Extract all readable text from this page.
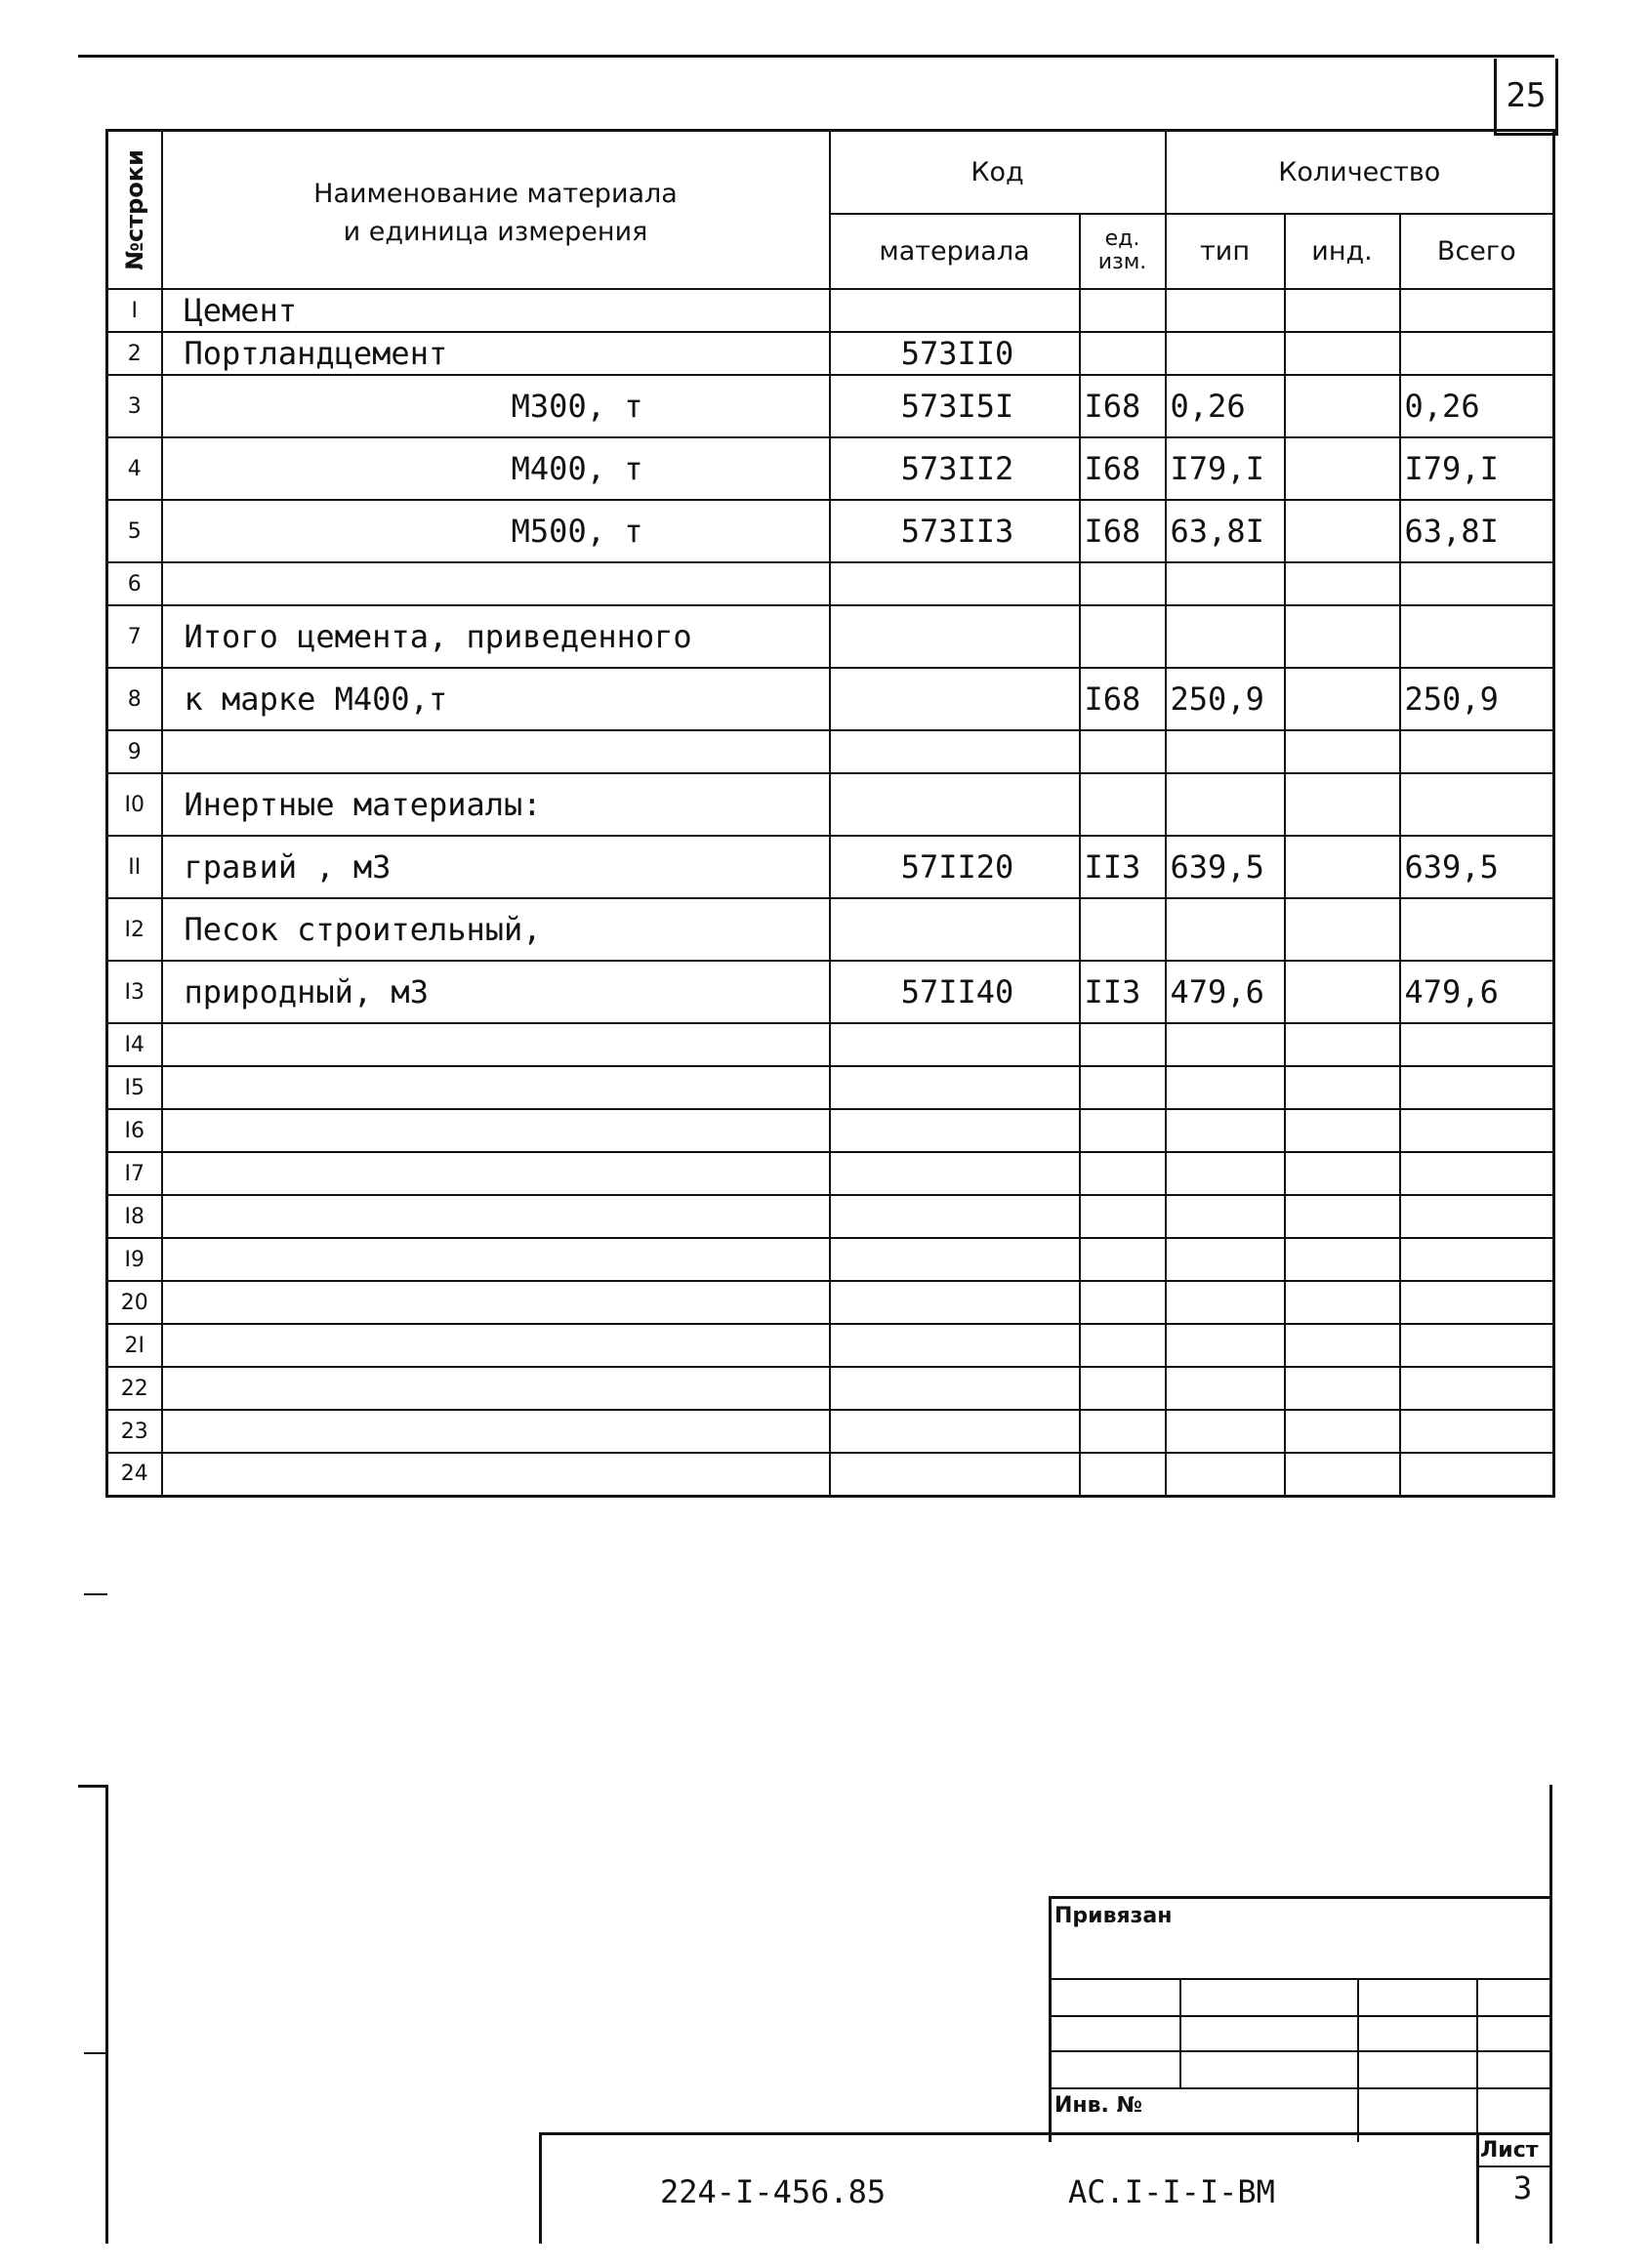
25
№строки	Наименование материала
и единица измерения	Код		Количество		
		материала	ед. изм.	тип	инд.	Всего
I	Цемент					
2	Портландцемент	573II0				
3	М300, т	573I5I	I68	0,26		0,26
4	М400, т	573II2	I68	I79,I		I79,I
5	М500, т	573II3	I68	63,8I		63,8I
6						
7	Итого цемента, приведенного					
8	к марке М400,т		I68	250,9		250,9
9						
I0	Инертные материалы:					
II	гравий , м3	57II20	II3	639,5		639,5
I2	Песок строительный,					
I3	природный, м3	57II40	II3	479,6		479,6
I4						
I5						
I6						
I7						
I8						
I9						
20						
2I						
22						
23						
24						
Привязан
Инв. №
Лист
224-I-456.85	АС.I-I-I-ВМ	3
